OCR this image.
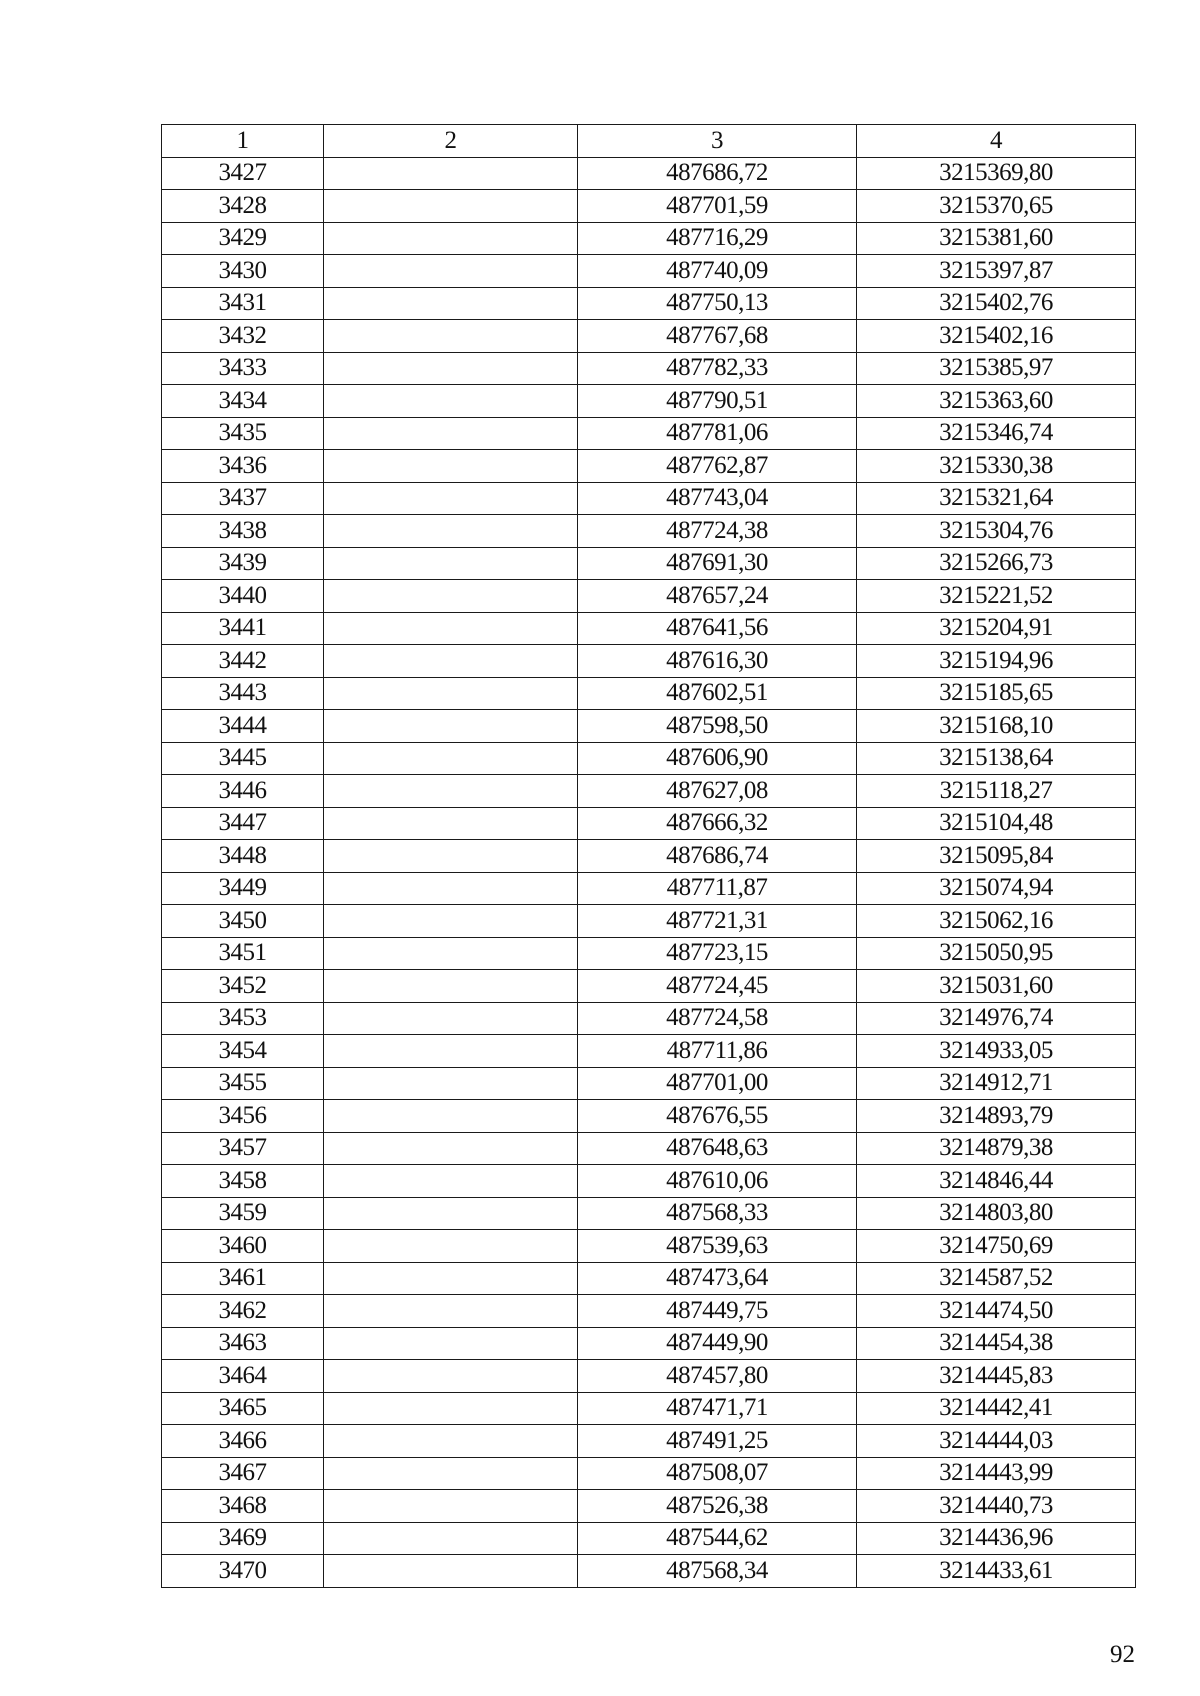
1	2	3	4
3427		487686,72	3215369,80
3428		487701,59	3215370,65
3429		487716,29	3215381,60
3430		487740,09	3215397,87
3431		487750,13	3215402,76
3432		487767,68	3215402,16
3433		487782,33	3215385,97
3434		487790,51	3215363,60
3435		487781,06	3215346,74
3436		487762,87	3215330,38
3437		487743,04	3215321,64
3438		487724,38	3215304,76
3439		487691,30	3215266,73
3440		487657,24	3215221,52
3441		487641,56	3215204,91
3442		487616,30	3215194,96
3443		487602,51	3215185,65
3444		487598,50	3215168,10
3445		487606,90	3215138,64
3446		487627,08	3215118,27
3447		487666,32	3215104,48
3448		487686,74	3215095,84
3449		487711,87	3215074,94
3450		487721,31	3215062,16
3451		487723,15	3215050,95
3452		487724,45	3215031,60
3453		487724,58	3214976,74
3454		487711,86	3214933,05
3455		487701,00	3214912,71
3456		487676,55	3214893,79
3457		487648,63	3214879,38
3458		487610,06	3214846,44
3459		487568,33	3214803,80
3460		487539,63	3214750,69
3461		487473,64	3214587,52
3462		487449,75	3214474,50
3463		487449,90	3214454,38
3464		487457,80	3214445,83
3465		487471,71	3214442,41
3466		487491,25	3214444,03
3467		487508,07	3214443,99
3468		487526,38	3214440,73
3469		487544,62	3214436,96
3470		487568,34	3214433,61
92
